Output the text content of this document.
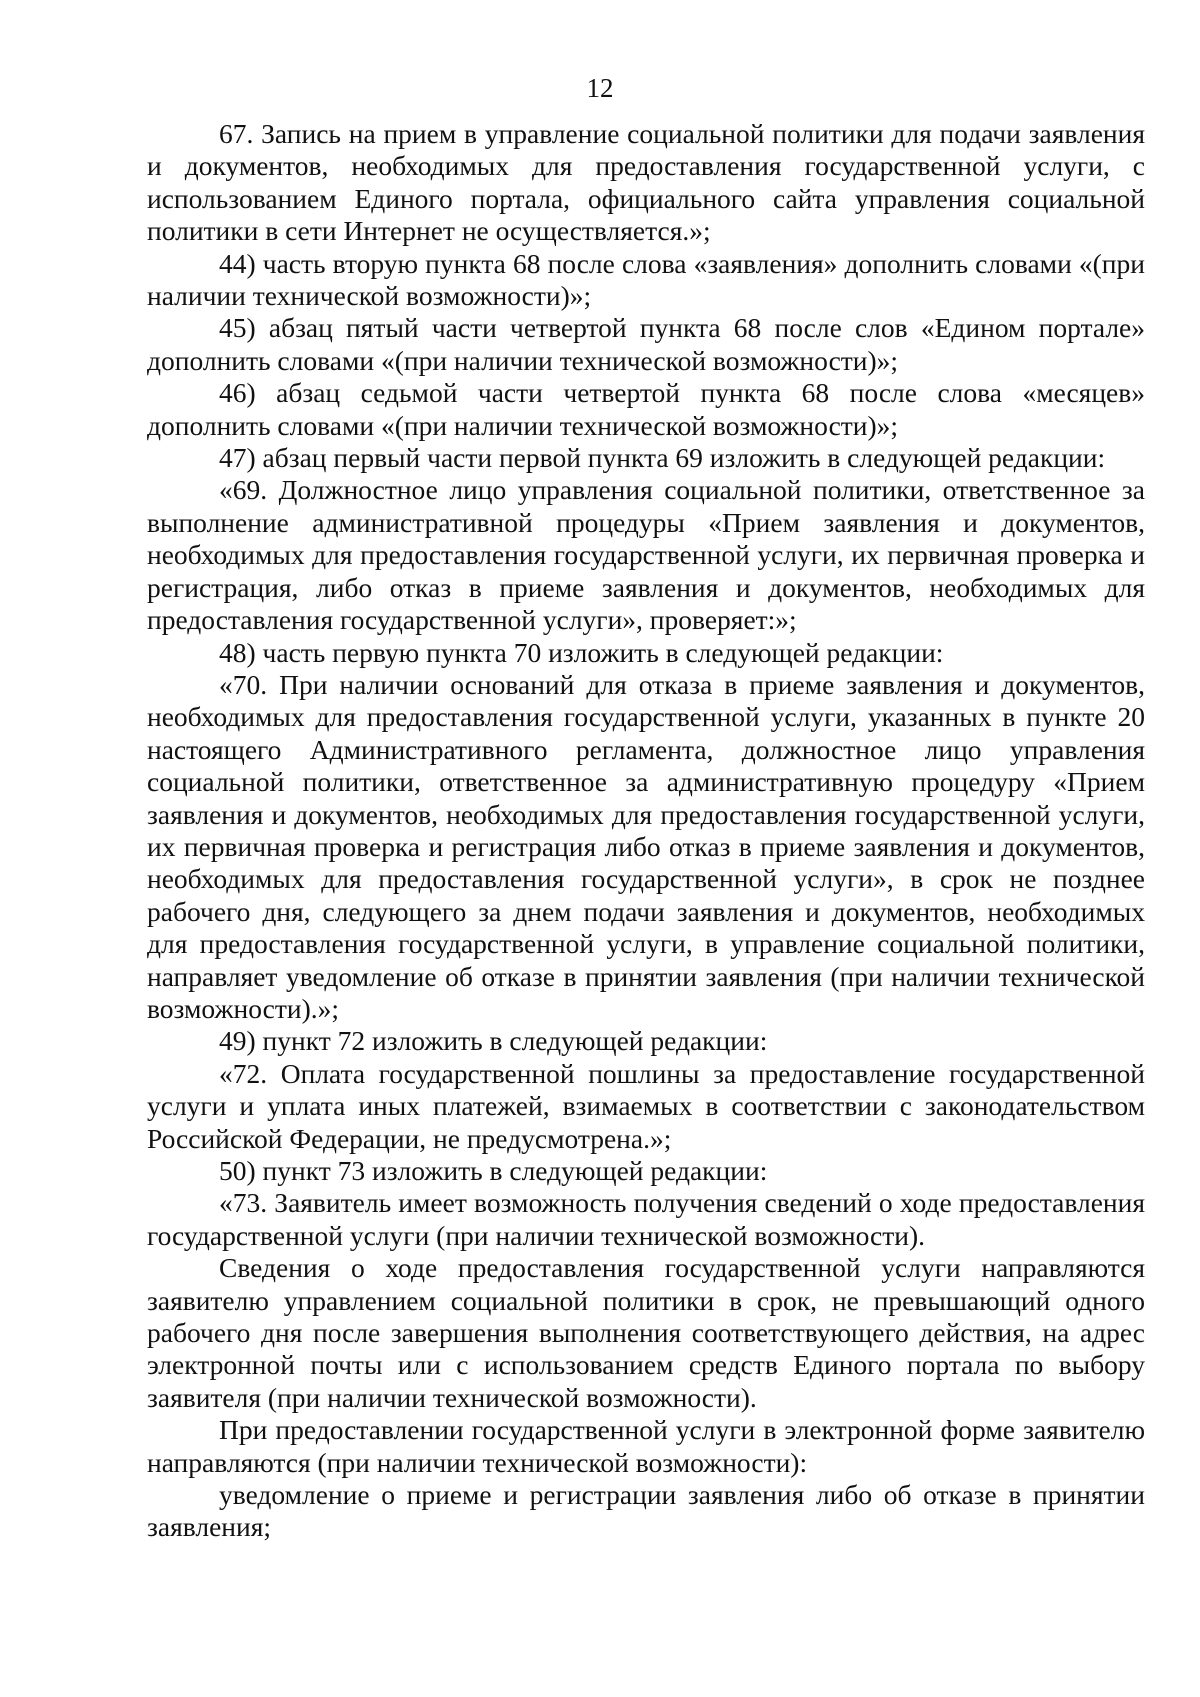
12

67. Запись на прием в управление социальной политики для подачи заявления и документов, необходимых для предоставления государственной услуги, с использованием Единого портала, официального сайта управления социальной политики в сети Интернет не осуществляется.»;

44) часть вторую пункта 68 после слова «заявления» дополнить словами «(при наличии технической возможности)»;

45) абзац пятый части четвертой пункта 68 после слов «Едином портале» дополнить словами «(при наличии технической возможности)»;

46) абзац седьмой части четвертой пункта 68 после слова «месяцев» дополнить словами «(при наличии технической возможности)»;

47) абзац первый части первой пункта 69 изложить в следующей редакции:

«69. Должностное лицо управления социальной политики, ответственное за выполнение административной процедуры «Прием заявления и документов, необходимых для предоставления государственной услуги, их первичная проверка и регистрация, либо отказ в приеме заявления и документов, необходимых для предоставления государственной услуги», проверяет:»;

48) часть первую пункта 70 изложить в следующей редакции:

«70. При наличии оснований для отказа в приеме заявления и документов, необходимых для предоставления государственной услуги, указанных в пункте 20 настоящего Административного регламента, должностное лицо управления социальной политики, ответственное за административную процедуру «Прием заявления и документов, необходимых для предоставления государственной услуги, их первичная проверка и регистрация либо отказ в приеме заявления и документов, необходимых для предоставления государственной услуги», в срок не позднее рабочего дня, следующего за днем подачи заявления и документов, необходимых для предоставления государственной услуги, в управление социальной политики, направляет уведомление об отказе в принятии заявления (при наличии технической возможности).»;

49) пункт 72 изложить в следующей редакции:

«72. Оплата государственной пошлины за предоставление государственной услуги и уплата иных платежей, взимаемых в соответствии с законодательством Российской Федерации, не предусмотрена.»;

50) пункт 73 изложить в следующей редакции:

«73. Заявитель имеет возможность получения сведений о ходе предоставления государственной услуги (при наличии технической возможности).

Сведения о ходе предоставления государственной услуги направляются заявителю управлением социальной политики в срок, не превышающий одного рабочего дня после завершения выполнения соответствующего действия, на адрес электронной почты или с использованием средств Единого портала по выбору заявителя (при наличии технической возможности).

При предоставлении государственной услуги в электронной форме заявителю направляются (при наличии технической возможности):

уведомление о приеме и регистрации заявления либо об отказе в принятии заявления;
